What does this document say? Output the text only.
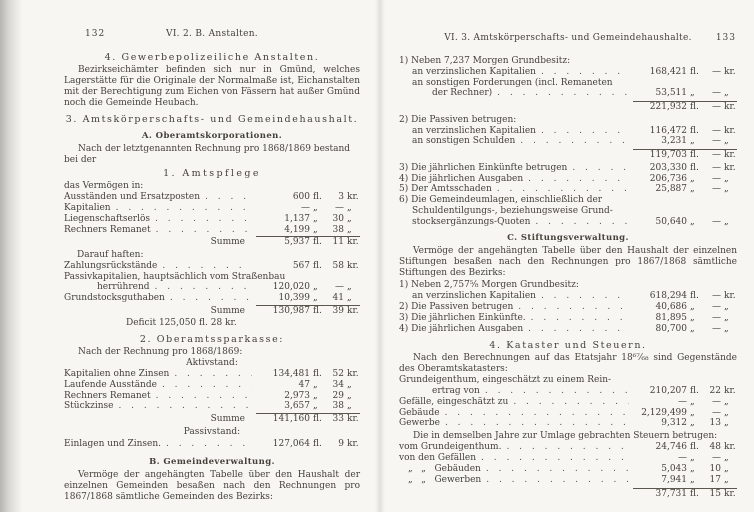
132	VI. 2. B. Anstalten.
4. Gewerbepolizeiliche Anstalten.

Bezirkseichämter befinden sich nur in Gmünd, welches Lagerstätte für die Originale der Normalmaße ist, Eichanstalten mit der Berechtigung zum Eichen von Fässern hat außer Gmünd noch die Gemeinde Heubach.

3. Amtskörperschafts- und Gemeindehaushalt.
A. Oberamtskorporationen.
Nach der letztgenannten Rechnung pro 1868/1869 bestand bei der
1. Amtspflege
das Vermögen in:
Ausständen und Ersatzposten . . .	600 fl.	3 kr.
Kapitalien . . .	— „	— „
Liegenschaftserlös . . .	1,137 „	30 „
Rechners Remanet . . .	4,199 „	38 „
Summe	5,937 fl.	11 kr.
Darauf haften:
Zahlungsrückstände . . .	567 fl.	58 kr.
Passivkapitalien, hauptsächlich vom Straßenbau
herrührend . . .	120,020 „	— „
Grundstocksguthaben . . .	10,399 „	41 „
Summe	130,987 fl.	39 kr.
Deficit 125,050 fl. 28 kr.
2. Oberamtssparkasse:
Nach der Rechnung pro 1868/1869:
Aktivstand:
Kapitalien ohne Zinsen . . .	134,481 fl.	52 kr.
Laufende Ausstände . . .	47 „	34 „
Rechners Remanet . . .	2,973 „	29 „
Stückzinse . . .	3,657 „	38 „
Summe	141,160 fl.	33 kr.
Passivstand:
Einlagen und Zinsen. . . .	127,064 fl.	9 kr.
B. Gemeindeverwaltung.

Vermöge der angehängten Tabelle über den Haushalt der einzelnen Gemeinden besaßen nach den Rechnungen pro 1867/1868 sämtliche Gemeinden des Bezirks:

VI. 3. Amtskörperschafts- und Gemeindehaushalte.	133
1) Neben 7,237 Morgen Grundbesitz:
an verzinslichen Kapitalien . . .	168,421 fl.	— kr.
an sonstigen Forderungen (incl. Remaneten
der Rechner) . . .	53,511 „	— „
221,932 fl.	— kr.
2) Die Passiven betrugen:
an verzinslichen Kapitalien . . .	116,472 fl.	— kr.
an sonstigen Schulden . . .	3,231 „	— „
119,703 fl.	— kr.
3) Die jährlichen Einkünfte betrugen . . .	203,330 fl.	— kr.
4) Die jährlichen Ausgaben . . .	206,736 „	— „
5) Der Amtsschaden . . .	25,887 „	— „
6) Die Gemeindeumlagen, einschließlich der
Schuldentilgungs-, beziehungsweise Grund-
stocksergänzungs-Quoten . . .	50,640 „	— „
C. Stiftungsverwaltung.

Vermöge der angehängten Tabelle über den Haushalt der einzelnen Stiftungen besaßen nach den Rechnungen pro 1867/1868 sämtliche Stiftungen des Bezirks:

1) Neben 2,757⁵⁄₈ Morgen Grundbesitz:
an verzinslichen Kapitalien . . .	618,294 fl.	— kr.
2) Die Passiven betrugen . . .	40,686 „	— „
3) Die jährlichen Einkünfte. . . .	81,895 „	— „
4) Die jährlichen Ausgaben . . .	80,700 „	— „
4. Kataster und Steuern.

Nach den Berechnungen auf das Etatsjahr 18⁶⁷⁄₆₈ sind Gegenstände des Oberamtskatasters:

Grundeigenthum, eingeschätzt zu einem Rein-
ertrag von . . .	210,207 fl.	22 kr.
Gefälle, eingeschätzt zu . . .	— „	— „
Gebäude . . .	2,129,499 „	— „
Gewerbe . . .	9,312 „	13 „

Die in demselben Jahre zur Umlage gebrachten Steuern betrugen:

vom Grundeigenthum. . . .	24,746 fl.	48 kr.
von den Gefällen . . .	— „	— „
„   „   Gebäuden . . .	5,043 „	10 „
„   „   Gewerben . . .	7,941 „	17 „
37,731 fl.	15 kr.
